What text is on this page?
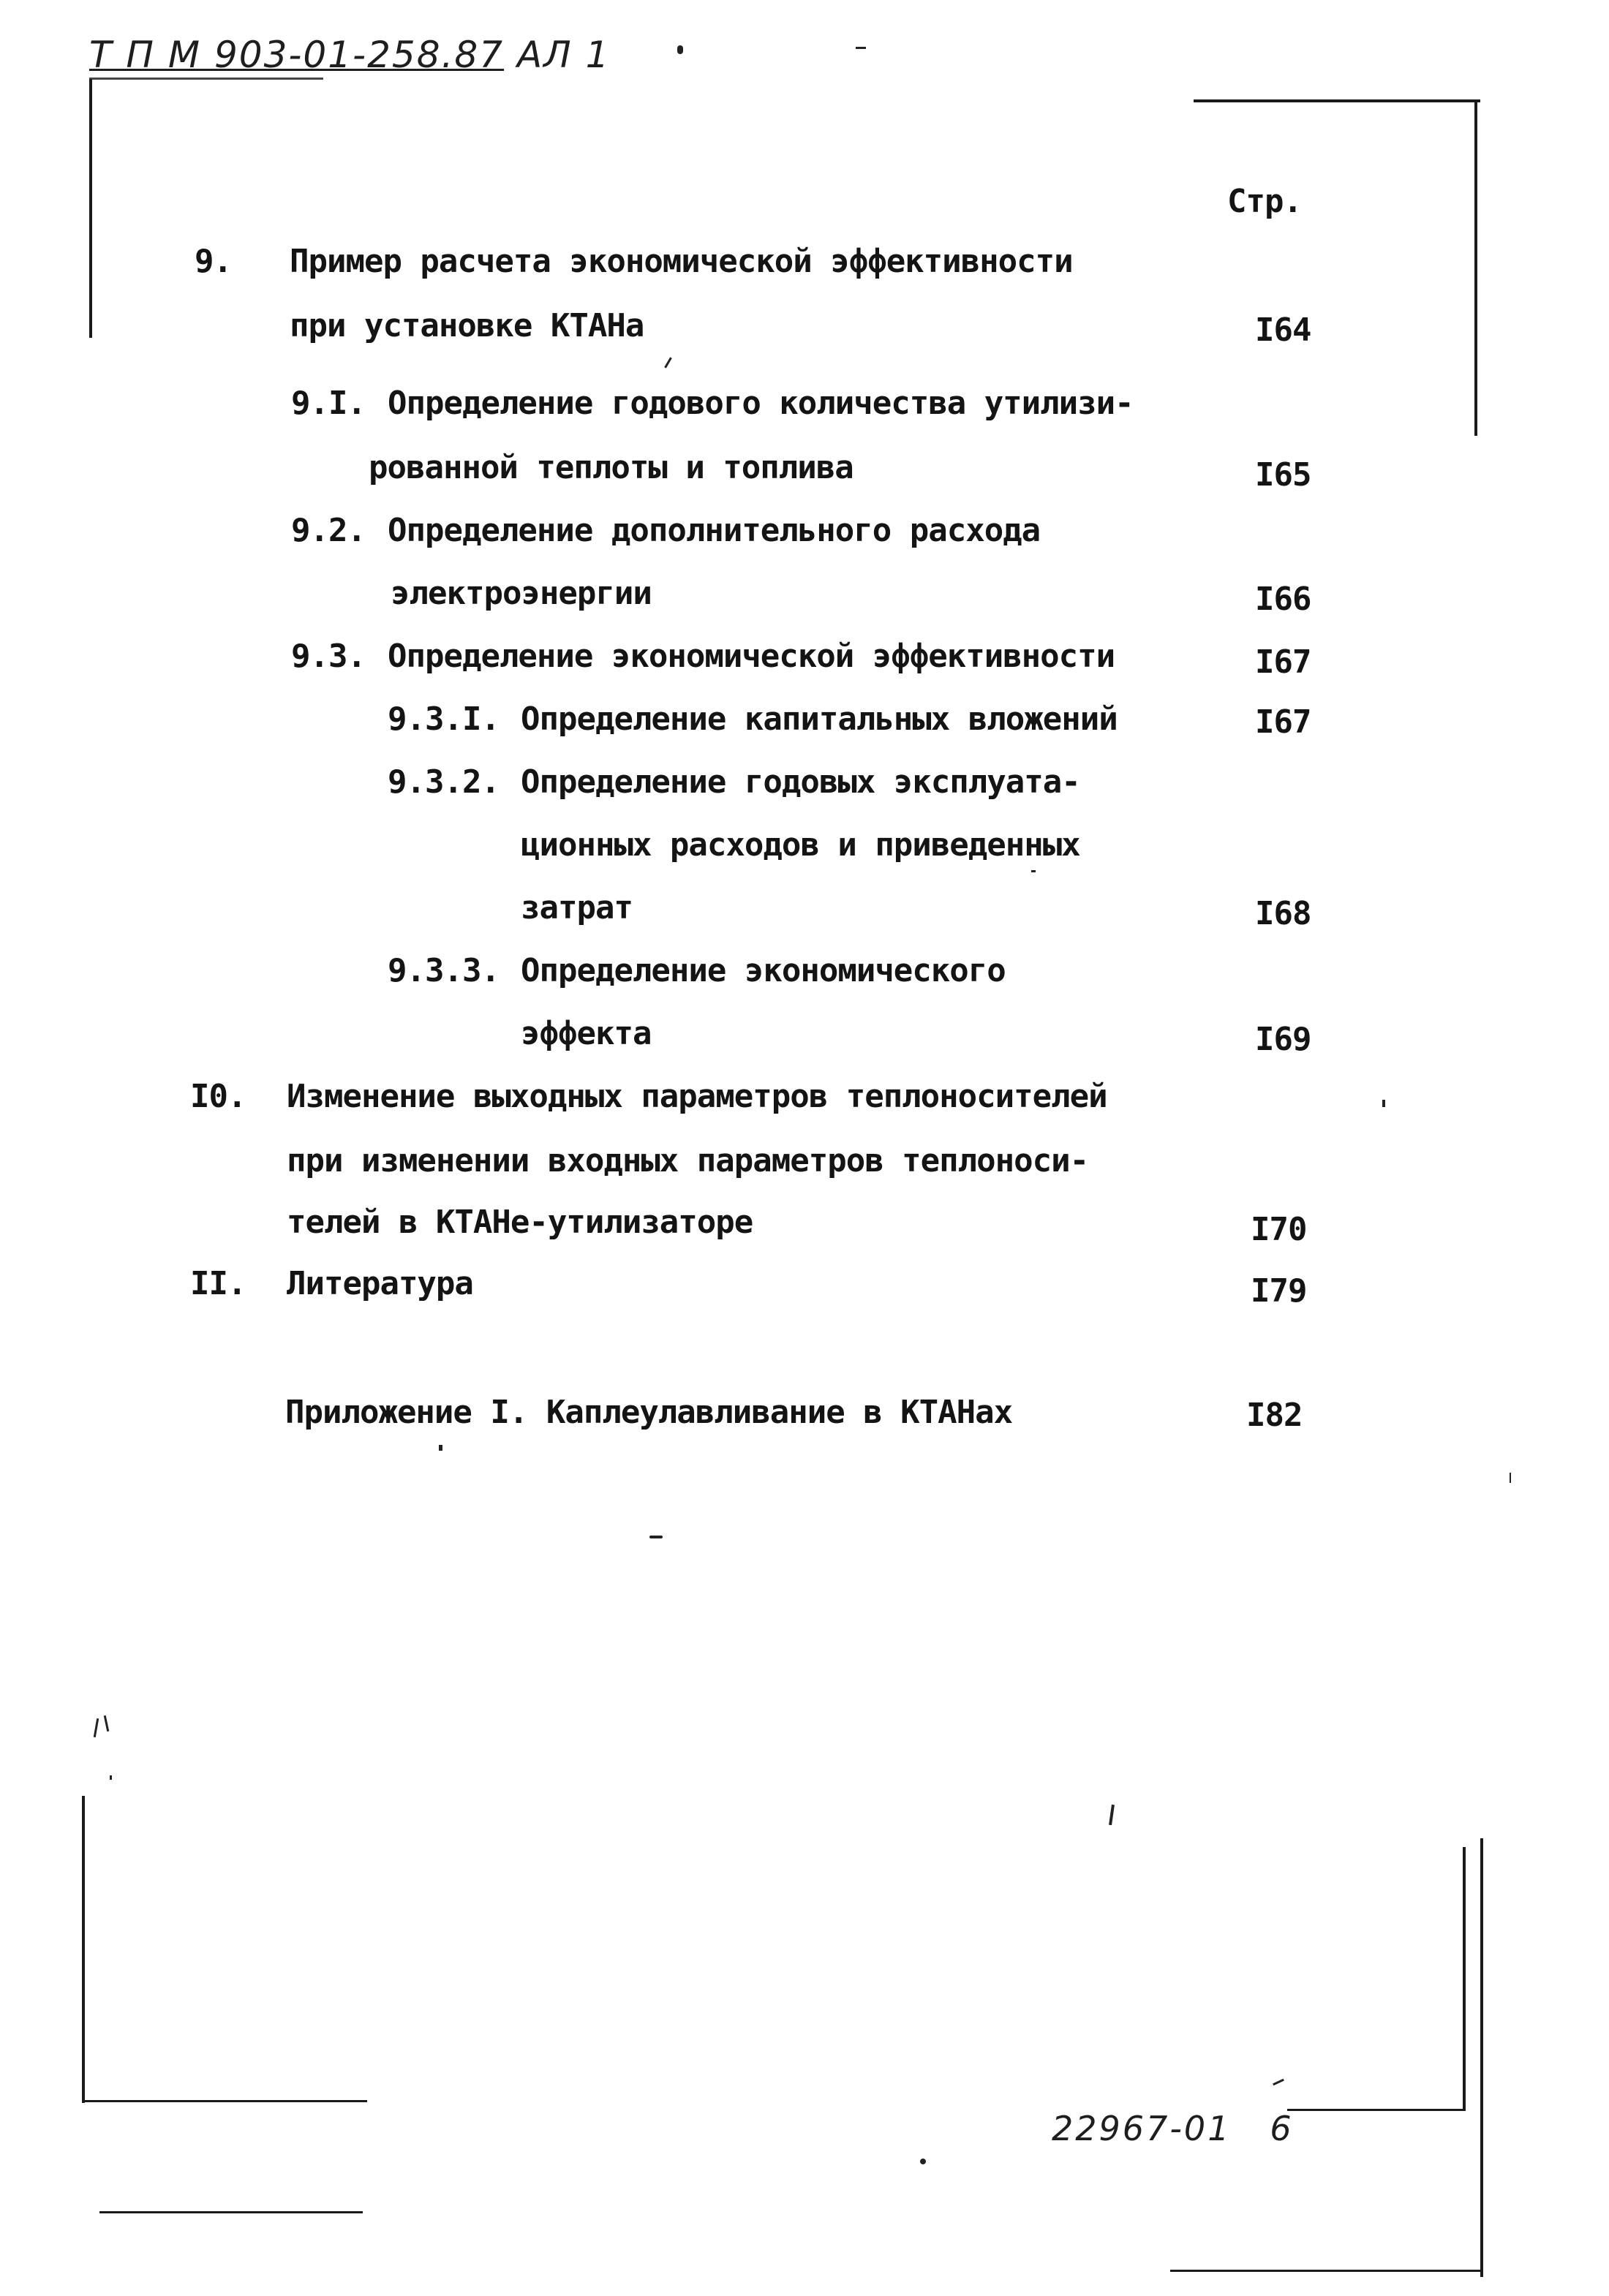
Т П М 903-01-258.87 АЛ 1
Стр.
9. Пример расчета экономической эффективности
при установке КТАНа	I64
9.I. Определение годового количества утилизи-
рованной теплоты и топлива	I65
9.2. Определение дополнительного расхода
электроэнергии	I66
9.3. Определение экономической эффективности	I67
9.3.I. Определение капитальных вложений	I67
9.3.2. Определение годовых эксплуата-
ционных расходов и приведенных
затрат	I68
9.3.3. Определение экономического
эффекта	I69
I0. Изменение выходных параметров теплоносителей
при изменении входных параметров теплоноси-
телей в КТАНе-утилизаторе	I70
II. Литература	I79
Приложение I. Каплеулавливание в КТАНах	I82
22967-01 6
